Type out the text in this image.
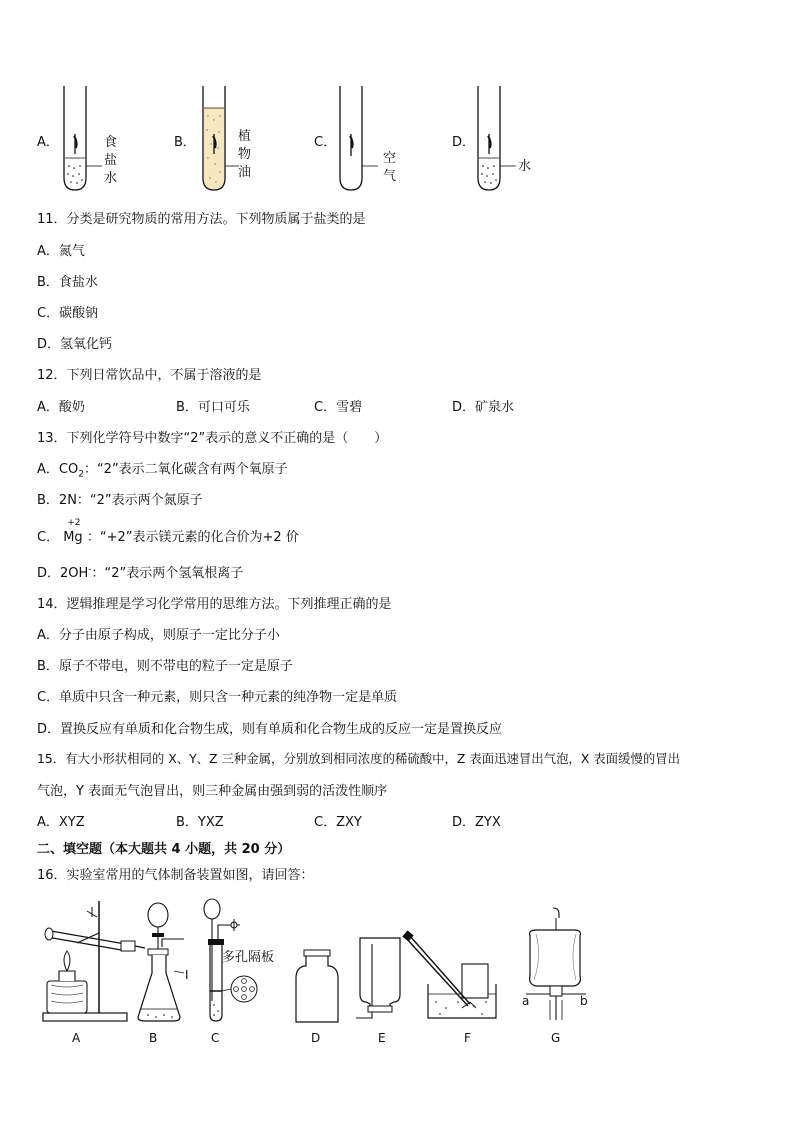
A．	食
盐
水
B．	植
物
油
C．
空
气
D．
水
11．分类是研究物质的常用方法。下列物质属于盐类的是
A．氮气
B．食盐水
C．碳酸钠
D．氢氧化钙
12．下列日常饮品中，不属于溶液的是
A．酸奶	B．可口可乐	C．雪碧	D．矿泉水
13．下列化学符号中数字“2”表示的意义不正确的是（　　）
A．$CO_2$：“2”表示二氧化碳含有两个氧原子
B．2N：“2”表示两个氮原子
C．
+2
Mg ：“+2”表示镁元素的化合价为+2 价
D．2OH-：“2”表示两个氢氧根离子
14．逻辑推理是学习化学常用的思维方法。下列推理正确的是
A．分子由原子构成，则原子一定比分子小
B．原子不带电，则不带电的粒子一定是原子
C．单质中只含一种元素，则只含一种元素的纯净物一定是单质
D．置换反应有单质和化合物生成，则有单质和化合物生成的反应一定是置换反应
15．有大小形状相同的 X、Y、Z 三种金属，分别放到相同浓度的稀硫酸中，Z 表面迅速冒出气泡，X 表面缓慢的冒出
气泡，Y 表面无气泡冒出，则三种金属由强到弱的活泼性顺序
A．XYZ	B．YXZ	C．ZXY	D．ZYX
二、填空题（本大题共 4 小题，共 20 分）
16．实验室常用的气体制备装置如图，请回答：
A
I
B
多孔隔板
C	D	E	F
a	b
G
